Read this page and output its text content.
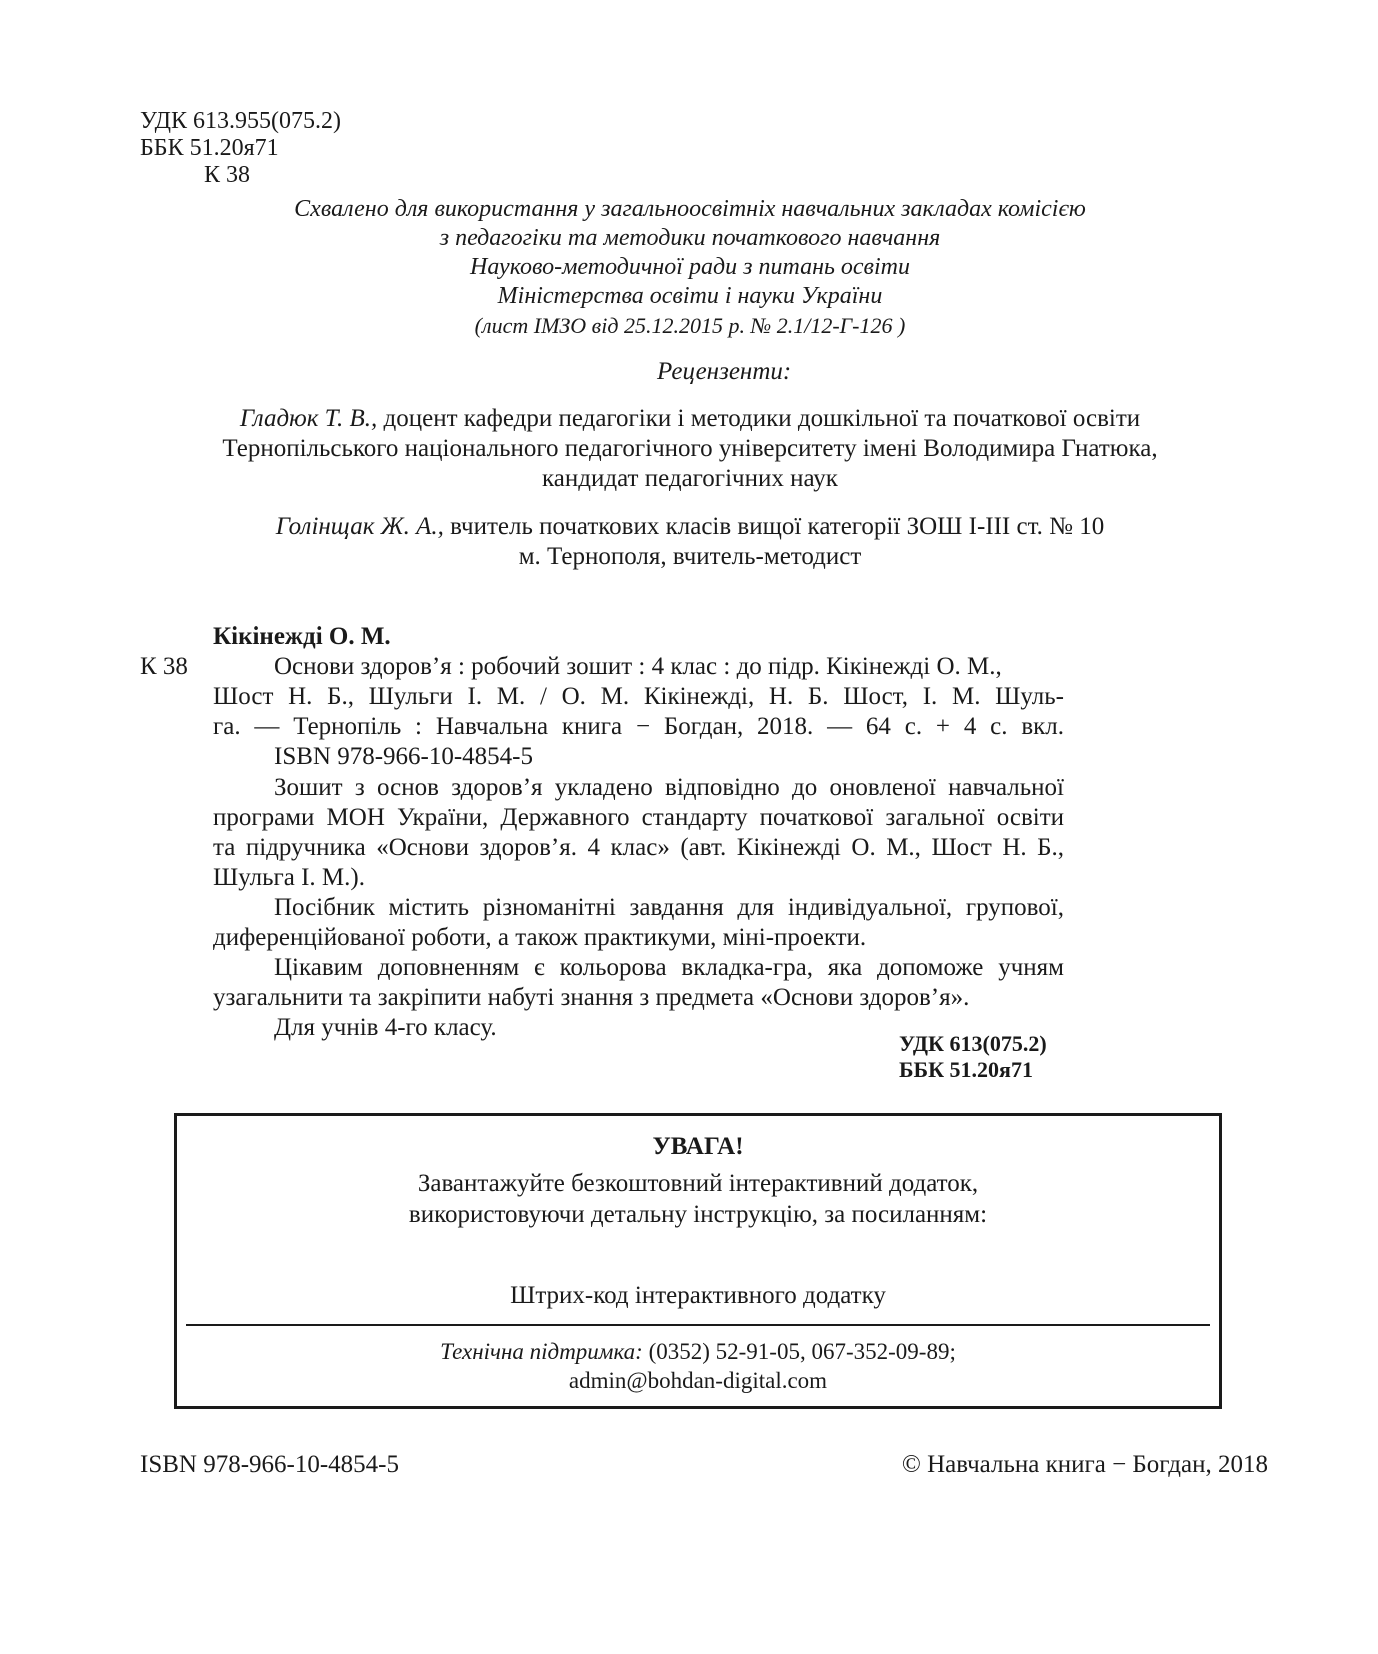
УДК 613.955(075.2)
ББК 51.20я71
К 38
Схвалено для використання у загальноосвітніх навчальних закладах комісією
з педагогіки та методики початкового навчання
Науково-методичної ради з питань освіти
Міністерства освіти і науки України
(лист ІМЗО від 25.12.2015 р. № 2.1/12-Г-126 )
Рецензенти:
Гладюк Т. В., доцент кафедри педагогіки і методики дошкільної та початкової освіти
Тернопільського національного педагогічного університету імені Володимира Гнатюка,
кандидат педагогічних наук
Голінщак Ж. А., вчитель початкових класів вищої категорії ЗОШ І-ІІІ ст. № 10
м. Тернополя, вчитель-методист
Кікінежді О. М.
К 38	Основи здоров’я : робочий зошит : 4 клас : до підр. Кікінежді О. М.,
Шост Н. Б., Шульги І. М. / О. М. Кікінежді, Н. Б. Шост, І. М. Шуль-
га. — Тернопіль : Навчальна книга − Богдан, 2018. — 64 с. + 4 с. вкл.
ISBN 978-966-10-4854-5
Зошит з основ здоров’я укладено відповідно до оновленої навчальної
програми МОН України, Державного стандарту початкової загальної освіти
та підручника «Основи здоров’я. 4 клас» (авт. Кікінежді О. М., Шост Н. Б.,
Шульга І. М.).
Посібник містить різноманітні завдання для індивідуальної, групової,
диференційованої роботи, а також практикуми, міні-проекти.
Цікавим доповненням є кольорова вкладка-гра, яка допоможе учням
узагальнити та закріпити набуті знання з предмета «Основи здоров’я».
Для учнів 4-го класу.
УДК 613(075.2)
ББК 51.20я71
УВАГА!
Завантажуйте безкоштовний інтерактивний додаток,
використовуючи детальну інструкцію, за посиланням:
Штрих-код інтерактивного додатку
Технічна підтримка: (0352) 52-91-05, 067-352-09-89;
admin@bohdan-digital.com
ISBN 978-966-10-4854-5	© Навчальна книга − Богдан, 2018
